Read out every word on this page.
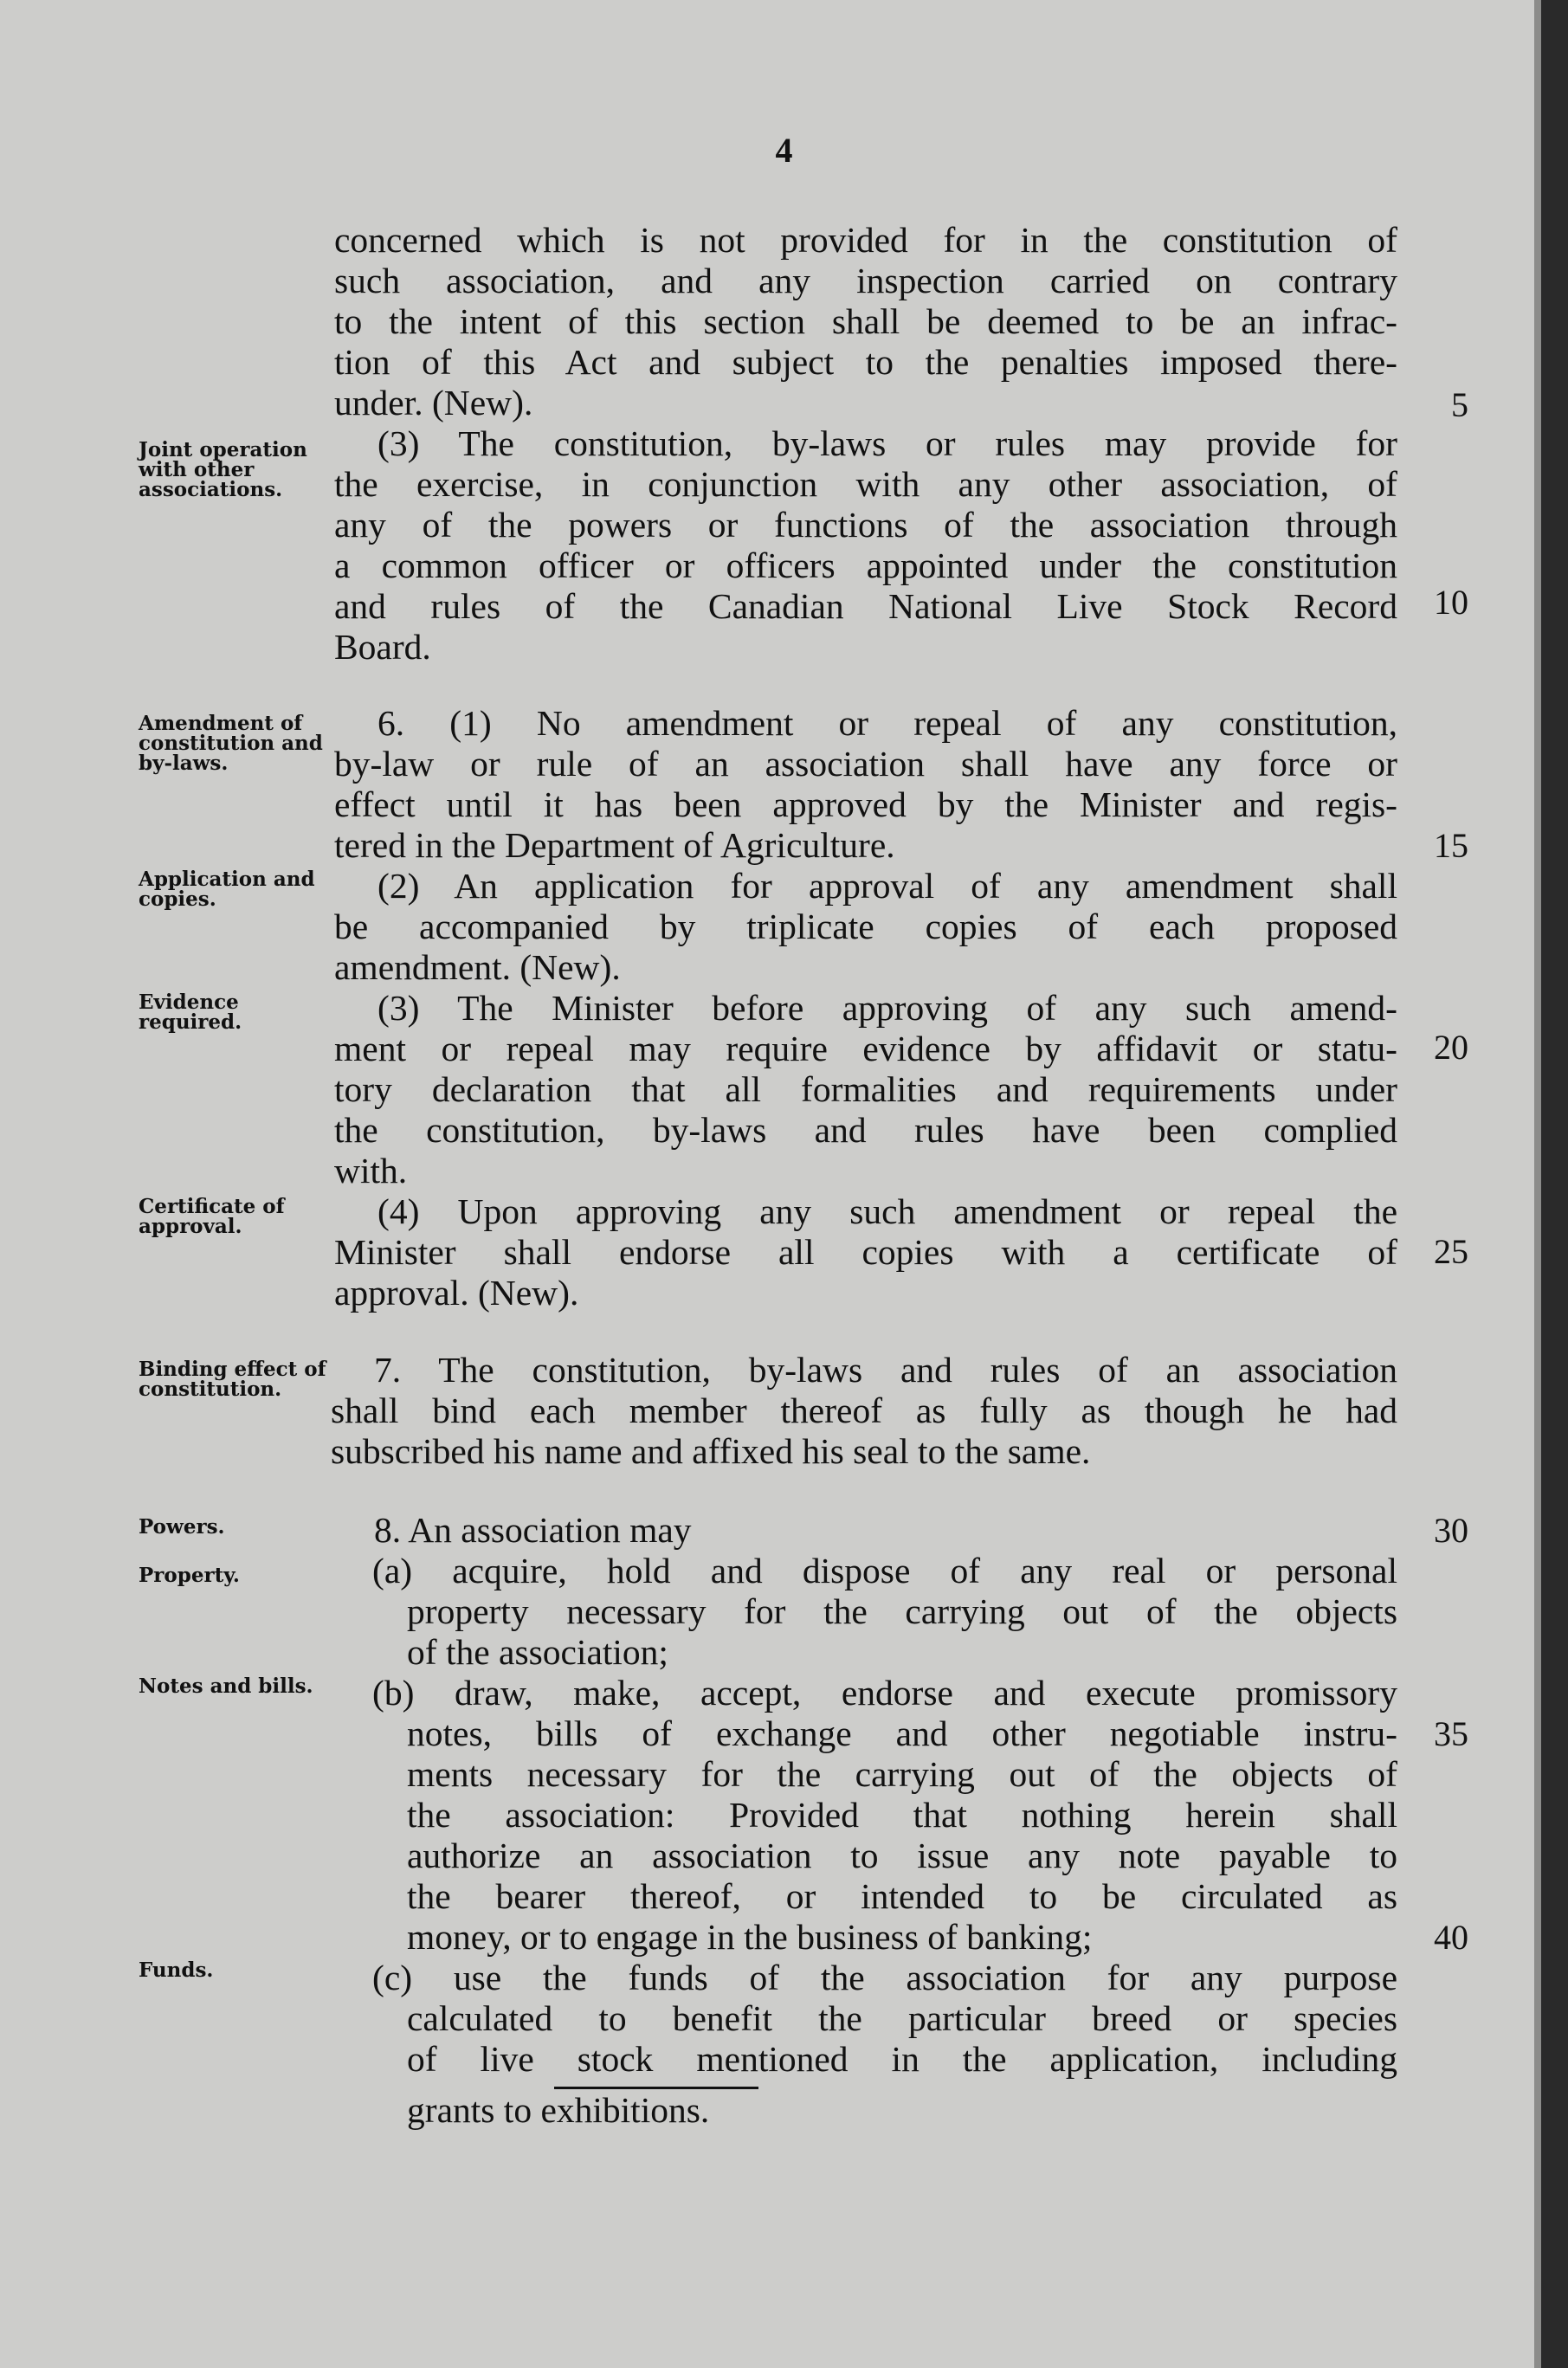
4
Joint operation with other associations.
Amendment of constitution and by-laws.
Application and copies.
Evidence required.
Certificate of approval.
Binding effect of constitution.
Powers.
Property.
Notes and bills.
Funds.
concerned which is not provided for in the constitution of
such association, and any inspection carried on contrary
to the intent of this section shall be deemed to be an infrac-
tion of this Act and subject to the penalties imposed there-
under. (New).
(3) The constitution, by-laws or rules may provide for
the exercise, in conjunction with any other association, of
any of the powers or functions of the association through
a common officer or officers appointed under the constitution
and rules of the Canadian National Live Stock Record
Board.
6. (1) No amendment or repeal of any constitution,
by-law or rule of an association shall have any force or
effect until it has been approved by the Minister and regis-
tered in the Department of Agriculture.
(2) An application for approval of any amendment shall
be accompanied by triplicate copies of each proposed
amendment. (New).
(3) The Minister before approving of any such amend-
ment or repeal may require evidence by affidavit or statu-
tory declaration that all formalities and requirements under
the constitution, by-laws and rules have been complied
with.
(4) Upon approving any such amendment or repeal the
Minister shall endorse all copies with a certificate of
approval. (New).
7. The constitution, by-laws and rules of an association
shall bind each member thereof as fully as though he had
subscribed his name and affixed his seal to the same.
8. An association may
(a) acquire, hold and dispose of any real or personal
property necessary for the carrying out of the objects
of the association;
(b) draw, make, accept, endorse and execute promissory
notes, bills of exchange and other negotiable instru-
ments necessary for the carrying out of the objects of
the association: Provided that nothing herein shall
authorize an association to issue any note payable to
the bearer thereof, or intended to be circulated as
money, or to engage in the business of banking;
(c) use the funds of the association for any purpose
calculated to benefit the particular breed or species
of live stock mentioned in the application, including
grants to exhibitions.
5
10
15
20
25
30
35
40
